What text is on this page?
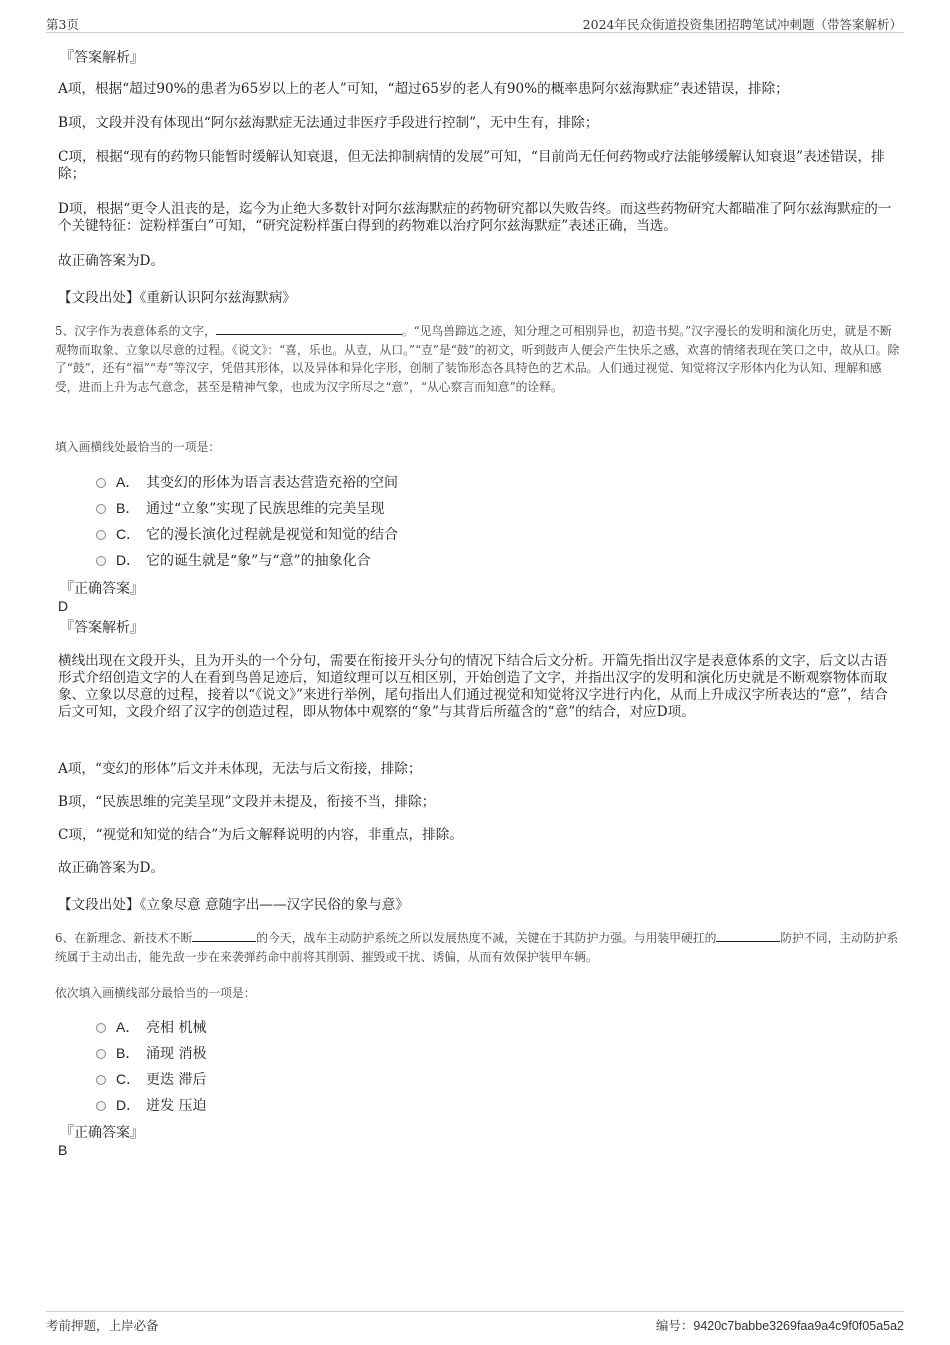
第3页	2024年民众街道投资集团招聘笔试冲刺题（带答案解析）
『答案解析』

A项，根据“超过90%的患者为65岁以上的老人”可知，“超过65岁的老人有90%的概率患阿尔兹海默症”表述错误，排除；

B项，文段并没有体现出“阿尔兹海默症无法通过非医疗手段进行控制”，无中生有，排除；

C项，根据“现有的药物只能暂时缓解认知衰退，但无法抑制病情的发展”可知，“目前尚无任何药物或疗法能够缓解认知衰退”表述错误，排除；

D项，根据“更令人沮丧的是，迄今为止绝大多数针对阿尔兹海默症的药物研究都以失败告终。而这些药物研究大都瞄准了阿尔兹海默症的一个关键特征：淀粉样蛋白”可知，“研究淀粉样蛋白得到的药物难以治疗阿尔兹海默症”表述正确，当选。

故正确答案为D。

【文段出处】《重新认识阿尔兹海默病》

5、汉字作为表意体系的文字，	。“见鸟兽蹄迒之迹，知分理之可相别异也，初造书契。”汉字漫长的发明和演化历史，就是不断观物而取象、立象以尽意的过程。《说文》：“喜，乐也。从壴，从口。”“壴”是“鼓”的初文，听到鼓声人便会产生快乐之感，欢喜的情绪表现在笑口之中，故从口。除了“鼓”，还有“福”“寿”等汉字，凭借其形体，以及异体和异化字形，创制了装饰形态各具特色的艺术品。人们通过视觉、知觉将汉字形体内化为认知、理解和感受，进而上升为志气意念，甚至是精神气象，也成为汉字所尽之“意”，“从心察言而知意”的诠释。

填入画横线处最恰当的一项是：
A． 其变幻的形体为语言表达营造充裕的空间
B． 通过“立象”实现了民族思维的完美呈现
C． 它的漫长演化过程就是视觉和知觉的结合
D． 它的诞生就是“象”与“意”的抽象化合
『正确答案』
D
『答案解析』

横线出现在文段开头，且为开头的一个分句，需要在衔接开头分句的情况下结合后文分析。开篇先指出汉字是表意体系的文字，后文以古语形式介绍创造文字的人在看到鸟兽足迹后，知道纹理可以互相区别，开始创造了文字，并指出汉字的发明和演化历史就是不断观察物体而取象、立象以尽意的过程，接着以“《说文》”来进行举例，尾句指出人们通过视觉和知觉将汉字进行内化，从而上升成汉字所表达的“意”，结合后文可知，文段介绍了汉字的创造过程，即从物体中观察的“象”与其背后所蕴含的“意”的结合，对应D项。

A项，“变幻的形体”后文并未体现，无法与后文衔接，排除；

B项，“民族思维的完美呈现”文段并未提及，衔接不当，排除；

C项，“视觉和知觉的结合”为后文解释说明的内容，非重点，排除。

故正确答案为D。

【文段出处】《立象尽意 意随字出——汉字民俗的象与意》

6、在新理念、新技术不断	的今天，战车主动防护系统之所以发展热度不减，关键在于其防护力强。与用装甲硬扛的	防护不同，主动防护系统属于主动出击，能先敌一步在来袭弹药命中前将其削弱、摧毁或干扰、诱偏，从而有效保护装甲车辆。

依次填入画横线部分最恰当的一项是：
A． 亮相 机械
B． 涌现 消极
C． 更迭 滞后
D． 迸发 压迫
『正确答案』
B
考前押题，上岸必备	编号：9420c7babbe3269faa9a4c9f0f05a5a2
